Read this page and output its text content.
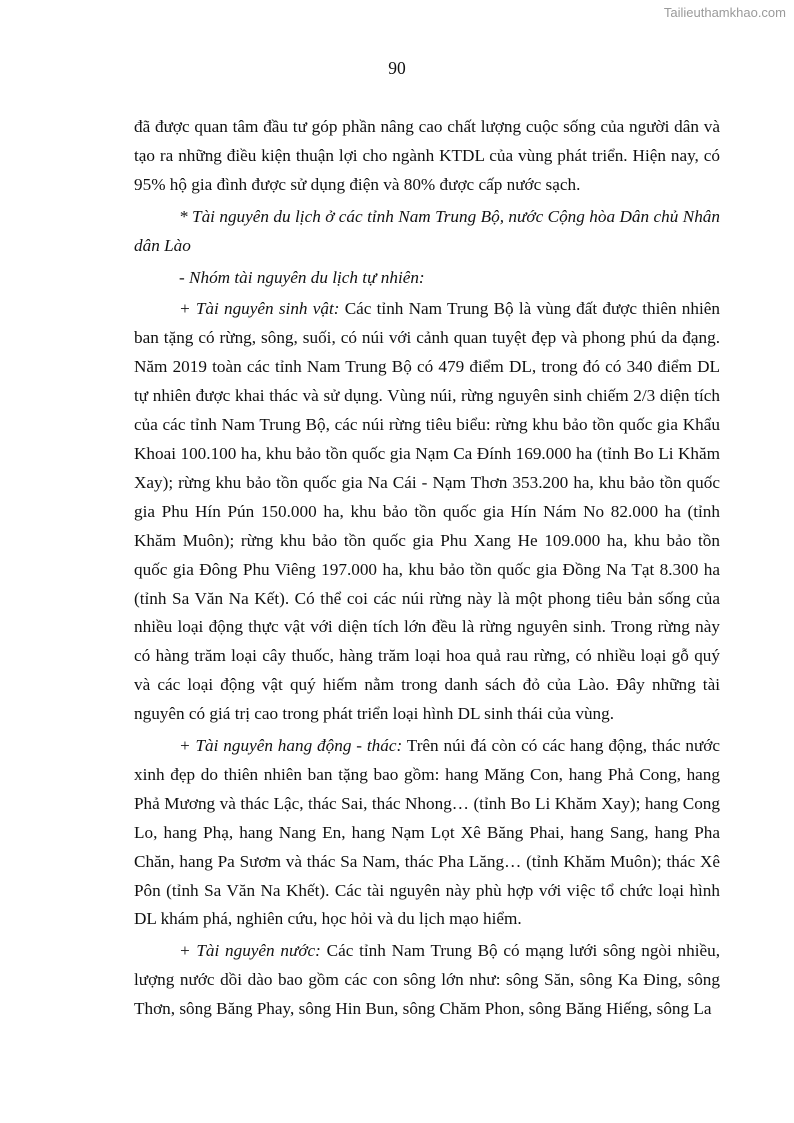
Tailieuthamkhao.com
90

đã được quan tâm đầu tư góp phần nâng cao chất lượng cuộc sống của người dân và tạo ra những điều kiện thuận lợi cho ngành KTDL của vùng phát triển. Hiện nay, có 95% hộ gia đình được sử dụng điện và 80% được cấp nước sạch.

* Tài nguyên du lịch ở các tỉnh Nam Trung Bộ, nước Cộng hòa Dân chủ Nhân dân Lào

- Nhóm tài nguyên du lịch tự nhiên:

+ Tài nguyên sinh vật: Các tỉnh Nam Trung Bộ là vùng đất được thiên nhiên ban tặng có rừng, sông, suối, có núi với cảnh quan tuyệt đẹp và phong phú da đạng. Năm 2019 toàn các tỉnh Nam Trung Bộ có 479 điểm DL, trong đó có 340 điểm DL tự nhiên được khai thác và sử dụng. Vùng núi, rừng nguyên sinh chiếm 2/3 diện tích của các tỉnh Nam Trung Bộ, các núi rừng tiêu biểu: rừng khu bảo tồn quốc gia Khẩu Khoai 100.100 ha, khu bảo tồn quốc gia Nạm Ca Đính 169.000 ha (tỉnh Bo Li Khăm Xay); rừng khu bảo tồn quốc gia Na Cái - Nạm Thơn 353.200 ha, khu bảo tồn quốc gia Phu Hín Pún 150.000 ha, khu bảo tồn quốc gia Hín Nám No 82.000 ha (tỉnh Khăm Muôn); rừng khu bảo tồn quốc gia Phu Xang He 109.000 ha, khu bảo tồn quốc gia Đông Phu Viêng 197.000 ha, khu bảo tồn quốc gia Đồng Na Tạt 8.300 ha (tỉnh Sa Văn Na Kết). Có thể coi các núi rừng này là một phong tiêu bản sống của nhiều loại động thực vật với diện tích lớn đều là rừng nguyên sinh. Trong rừng này có hàng trăm loại cây thuốc, hàng trăm loại hoa quả rau rừng, có nhiều loại gỗ quý và các loại động vật quý hiếm nằm trong danh sách đỏ của Lào. Đây những tài nguyên có giá trị cao trong phát triển loại hình DL sinh thái của vùng.

+ Tài nguyên hang động - thác: Trên núi đá còn có các hang động, thác nước xinh đẹp do thiên nhiên ban tặng bao gồm: hang Măng Con, hang Phả Cong, hang Phả Mương và thác Lậc, thác Sai, thác Nhong… (tỉnh Bo Li Khăm Xay); hang Cong Lo, hang Phạ, hang Nang En, hang Nạm Lọt Xê Băng Phai, hang Sang, hang Pha Chăn, hang Pa Sươm và thác Sa Nam, thác Pha Lăng… (tỉnh Khăm Muôn); thác Xê Pôn (tỉnh Sa Văn Na Khết). Các tài nguyên này phù hợp với việc tổ chức loại hình DL khám phá, nghiên cứu, học hỏi và du lịch mạo hiểm.

+ Tài nguyên nước: Các tỉnh Nam Trung Bộ có mạng lưới sông ngòi nhiều, lượng nước dồi dào bao gồm các con sông lớn như: sông Săn, sông Ka Đing, sông Thơn, sông Băng Phay, sông Hin Bun, sông Chăm Phon, sông Băng Hiếng, sông La
